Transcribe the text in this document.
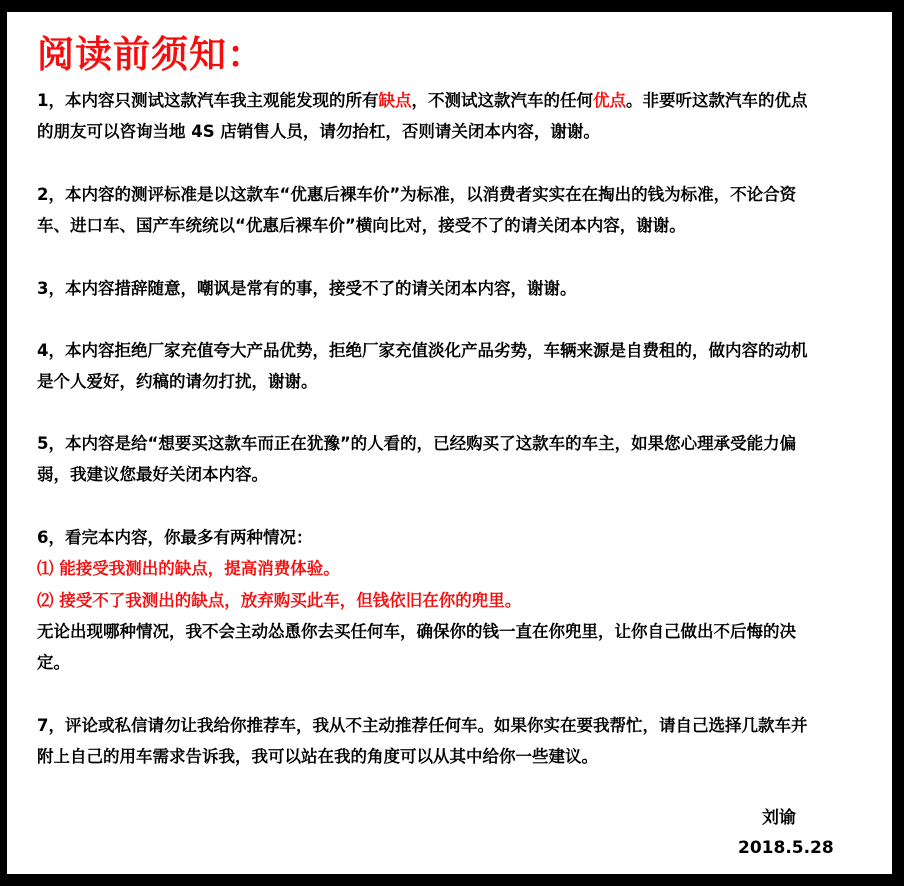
阅读前须知：
1，本内容只测试这款汽车我主观能发现的所有缺点，不测试这款汽车的任何优点。非要听这款汽车的优点
的朋友可以咨询当地 4S 店销售人员，请勿抬杠，否则请关闭本内容，谢谢。
2，本内容的测评标准是以这款车“优惠后裸车价”为标准，以消费者实实在在掏出的钱为标准，不论合资
车、进口车、国产车统统以“优惠后裸车价”横向比对，接受不了的请关闭本内容，谢谢。
3，本内容措辞随意，嘲讽是常有的事，接受不了的请关闭本内容，谢谢。
4，本内容拒绝厂家充值夸大产品优势，拒绝厂家充值淡化产品劣势，车辆来源是自费租的，做内容的动机
是个人爱好，约稿的请勿打扰，谢谢。
5，本内容是给“想要买这款车而正在犹豫”的人看的，已经购买了这款车的车主，如果您心理承受能力偏
弱，我建议您最好关闭本内容。
6，看完本内容，你最多有两种情况：
⑴ 能接受我测出的缺点，提高消费体验。
⑵ 接受不了我测出的缺点，放弃购买此车，但钱依旧在你的兜里。
无论出现哪种情况，我不会主动怂恿你去买任何车，确保你的钱一直在你兜里，让你自己做出不后悔的决
定。
7，评论或私信请勿让我给你推荐车，我从不主动推荐任何车。如果你实在要我帮忙，请自己选择几款车并
附上自己的用车需求告诉我，我可以站在我的角度可以从其中给你一些建议。
刘谕
2018.5.28
